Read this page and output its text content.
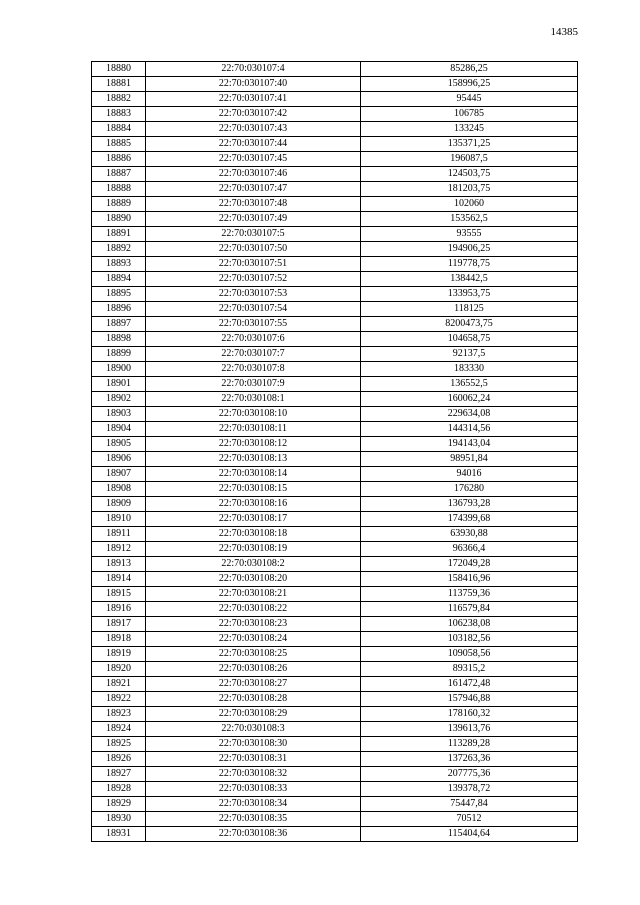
14385
18880	22:70:030107:4	85286,25
18881	22:70:030107:40	158996,25
18882	22:70:030107:41	95445
18883	22:70:030107:42	106785
18884	22:70:030107:43	133245
18885	22:70:030107:44	135371,25
18886	22:70:030107:45	196087,5
18887	22:70:030107:46	124503,75
18888	22:70:030107:47	181203,75
18889	22:70:030107:48	102060
18890	22:70:030107:49	153562,5
18891	22:70:030107:5	93555
18892	22:70:030107:50	194906,25
18893	22:70:030107:51	119778,75
18894	22:70:030107:52	138442,5
18895	22:70:030107:53	133953,75
18896	22:70:030107:54	118125
18897	22:70:030107:55	8200473,75
18898	22:70:030107:6	104658,75
18899	22:70:030107:7	92137,5
18900	22:70:030107:8	183330
18901	22:70:030107:9	136552,5
18902	22:70:030108:1	160062,24
18903	22:70:030108:10	229634,08
18904	22:70:030108:11	144314,56
18905	22:70:030108:12	194143,04
18906	22:70:030108:13	98951,84
18907	22:70:030108:14	94016
18908	22:70:030108:15	176280
18909	22:70:030108:16	136793,28
18910	22:70:030108:17	174399,68
18911	22:70:030108:18	63930,88
18912	22:70:030108:19	96366,4
18913	22:70:030108:2	172049,28
18914	22:70:030108:20	158416,96
18915	22:70:030108:21	113759,36
18916	22:70:030108:22	116579,84
18917	22:70:030108:23	106238,08
18918	22:70:030108:24	103182,56
18919	22:70:030108:25	109058,56
18920	22:70:030108:26	89315,2
18921	22:70:030108:27	161472,48
18922	22:70:030108:28	157946,88
18923	22:70:030108:29	178160,32
18924	22:70:030108:3	139613,76
18925	22:70:030108:30	113289,28
18926	22:70:030108:31	137263,36
18927	22:70:030108:32	207775,36
18928	22:70:030108:33	139378,72
18929	22:70:030108:34	75447,84
18930	22:70:030108:35	70512
18931	22:70:030108:36	115404,64
